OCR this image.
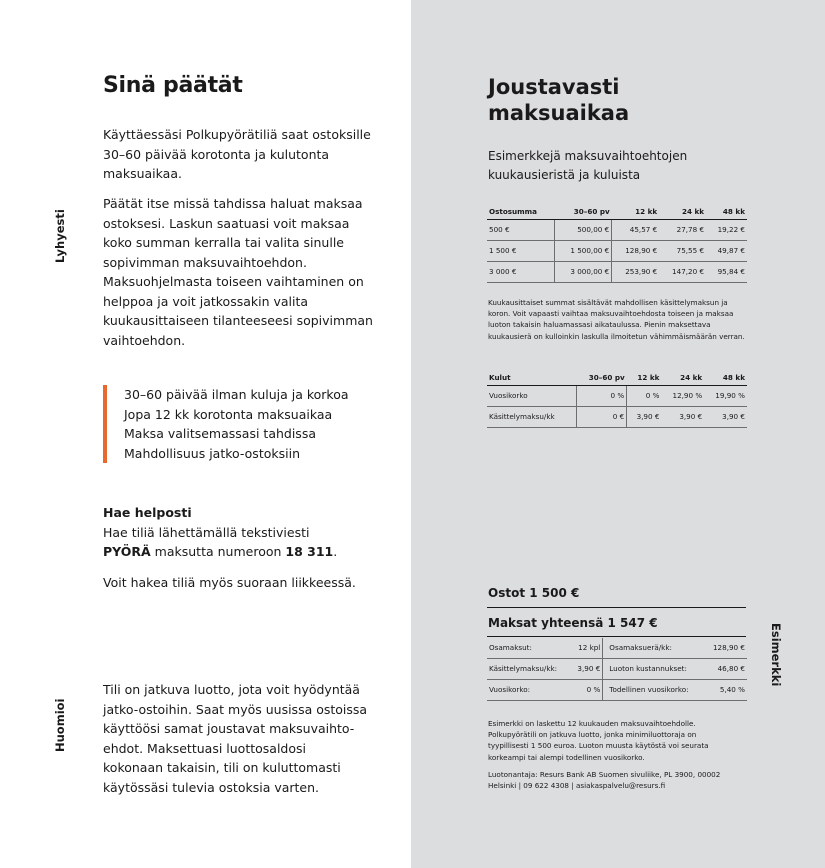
Lyhyesti
Huomioi
Sinä päätät

Käyttäessäsi Polkupyörätiliä saat ostoksille 30–60 päivää korotonta ja kulutonta maksuaikaa.

Päätät itse missä tahdissa haluat maksaa ostoksesi. Laskun saatuasi voit maksaa koko summan kerralla tai valita sinulle sopivimman maksuvaihtoehdon. Maksuohjelmasta toiseen vaihtaminen on helppoa ja voit jatkossakin valita kuukausittaiseen tilanteeseesi sopivimman vaihtoehdon.

30–60 päivää ilman kuluja ja korkoa
Jopa 12 kk korotonta maksuaikaa
Maksa valitsemassasi tahdissa
Mahdollisuus jatko-ostoksiin
Hae helposti
Hae tiliä lähettämällä tekstiviesti
PYÖRÄ maksutta numeroon 18 311.

Voit hakea tiliä myös suoraan liikkeessä.

Tili on jatkuva luotto, jota voit hyödyntää jatko-ostoihin. Saat myös uusissa ostoissa käyttöösi samat joustavat maksuvaihto-ehdot. Maksettuasi luottosaldosi kokonaan takaisin, tili on kuluttomasti käytössäsi tulevia ostoksia varten.

Joustavasti maksuaikaa

Esimerkkejä maksuvaihtoehtojen kuukausieristä ja kuluista

Ostosumma	30–60 pv	12 kk	24 kk	48 kk
500 €	500,00 €	45,57 €	27,78 €	19,22 €
1 500 €	1 500,00 €	128,90 €	75,55 €	49,87 €
3 000 €	3 000,00 €	253,90 €	147,20 €	95,84 €

Kuukausittaiset summat sisältävät mahdollisen käsittelymaksun ja koron. Voit vapaasti vaihtaa maksuvaihtoehdosta toiseen ja maksaa luoton takaisin haluamassasi aikataulussa. Pienin maksettava kuukausierä on kulloinkin laskulla ilmoitetun vähimmäismäärän verran.

Kulut	30–60 pv	12 kk	24 kk	48 kk
Vuosikorko	0 %	0 %	12,90 %	19,90 %
Käsittelymaksu/kk	0 €	3,90 €	3,90 €	3,90 €
Esimerkki
Ostot 1 500 €
Maksat yhteensä 1 547 €
Osamaksut:	12 kpl	Osamaksuerä/kk:	128,90 €
Käsittelymaksu/kk:	3,90 €	Luoton kustannukset:	46,80 €
Vuosikorko:	0 %	Todellinen vuosikorko:	5,40 %

Esimerkki on laskettu 12 kuukauden maksuvaihtoehdolle. Polkupyörätili on jatkuva luotto, jonka minimiluottoraja on tyypillisesti 1 500 euroa. Luoton muusta käytöstä voi seurata korkeampi tai alempi todellinen vuosikorko.

Luotonantaja: Resurs Bank AB Suomen sivuliike, PL 3900, 00002 Helsinki | 09 622 4308 | asiakaspalvelu@resurs.fi
